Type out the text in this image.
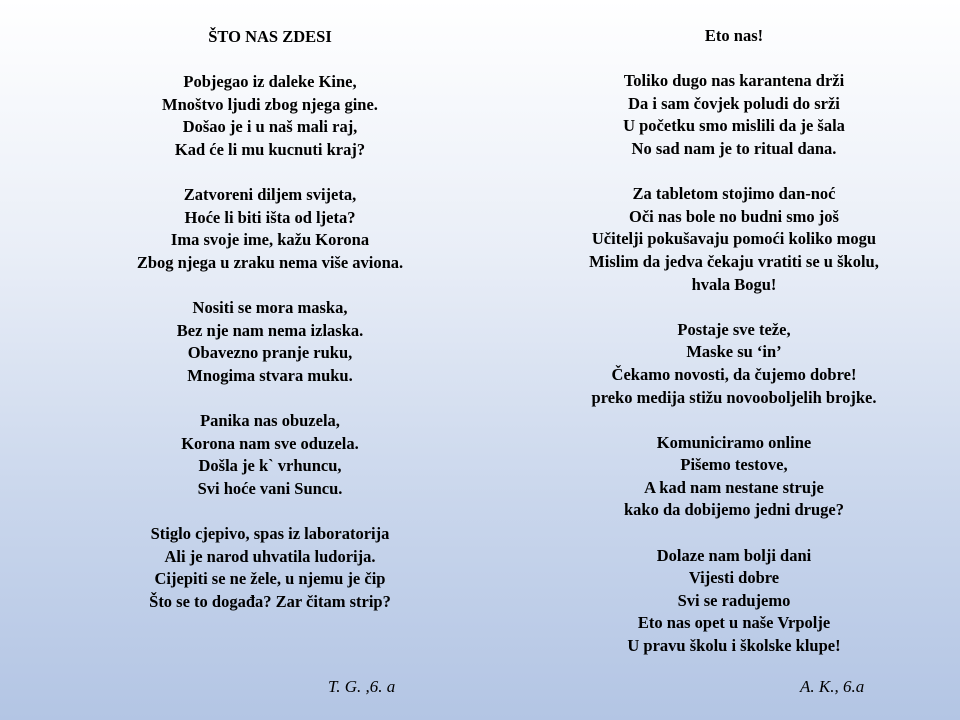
ŠTO NAS ZDESI
Pobjegao iz daleke Kine,
Mnoštvo ljudi zbog njega gine.
Došao je i u naš mali raj,
Kad će li mu kucnuti kraj?
Zatvoreni diljem svijeta,
Hoće li biti išta od ljeta?
Ima svoje ime, kažu Korona
Zbog njega u zraku nema više aviona.
Nositi se mora maska,
Bez nje nam nema izlaska.
Obavezno pranje ruku,
Mnogima stvara muku.
Panika nas obuzela,
Korona nam sve oduzela.
Došla je k` vrhuncu,
Svi hoće vani Suncu.
Stiglo cjepivo, spas iz laboratorija
Ali je narod uhvatila ludorija.
Cijepiti se ne žele, u njemu je čip
Što se to događa? Zar čitam strip?
Eto nas!
Toliko dugo nas karantena drži
Da i sam čovjek poludi do srži
U početku smo mislili da je šala
No sad nam je to ritual dana.
Za tabletom stojimo dan-noć
Oči nas bole no budni smo još
Učitelji pokušavaju pomoći koliko mogu
Mislim da jedva čekaju vratiti se u školu,
hvala Bogu!
Postaje sve teže,
Maske su ‘in’
Čekamo novosti, da čujemo dobre!
preko medija stižu novooboljelih brojke.
Komuniciramo online
Pišemo testove,
A kad nam nestane struje
kako da dobijemo jedni druge?
Dolaze nam bolji dani
Vijesti dobre
Svi se radujemo
Eto nas opet u naše Vrpolje
U pravu školu i školske klupe!
T. G. ,6. a	A. K., 6.a
